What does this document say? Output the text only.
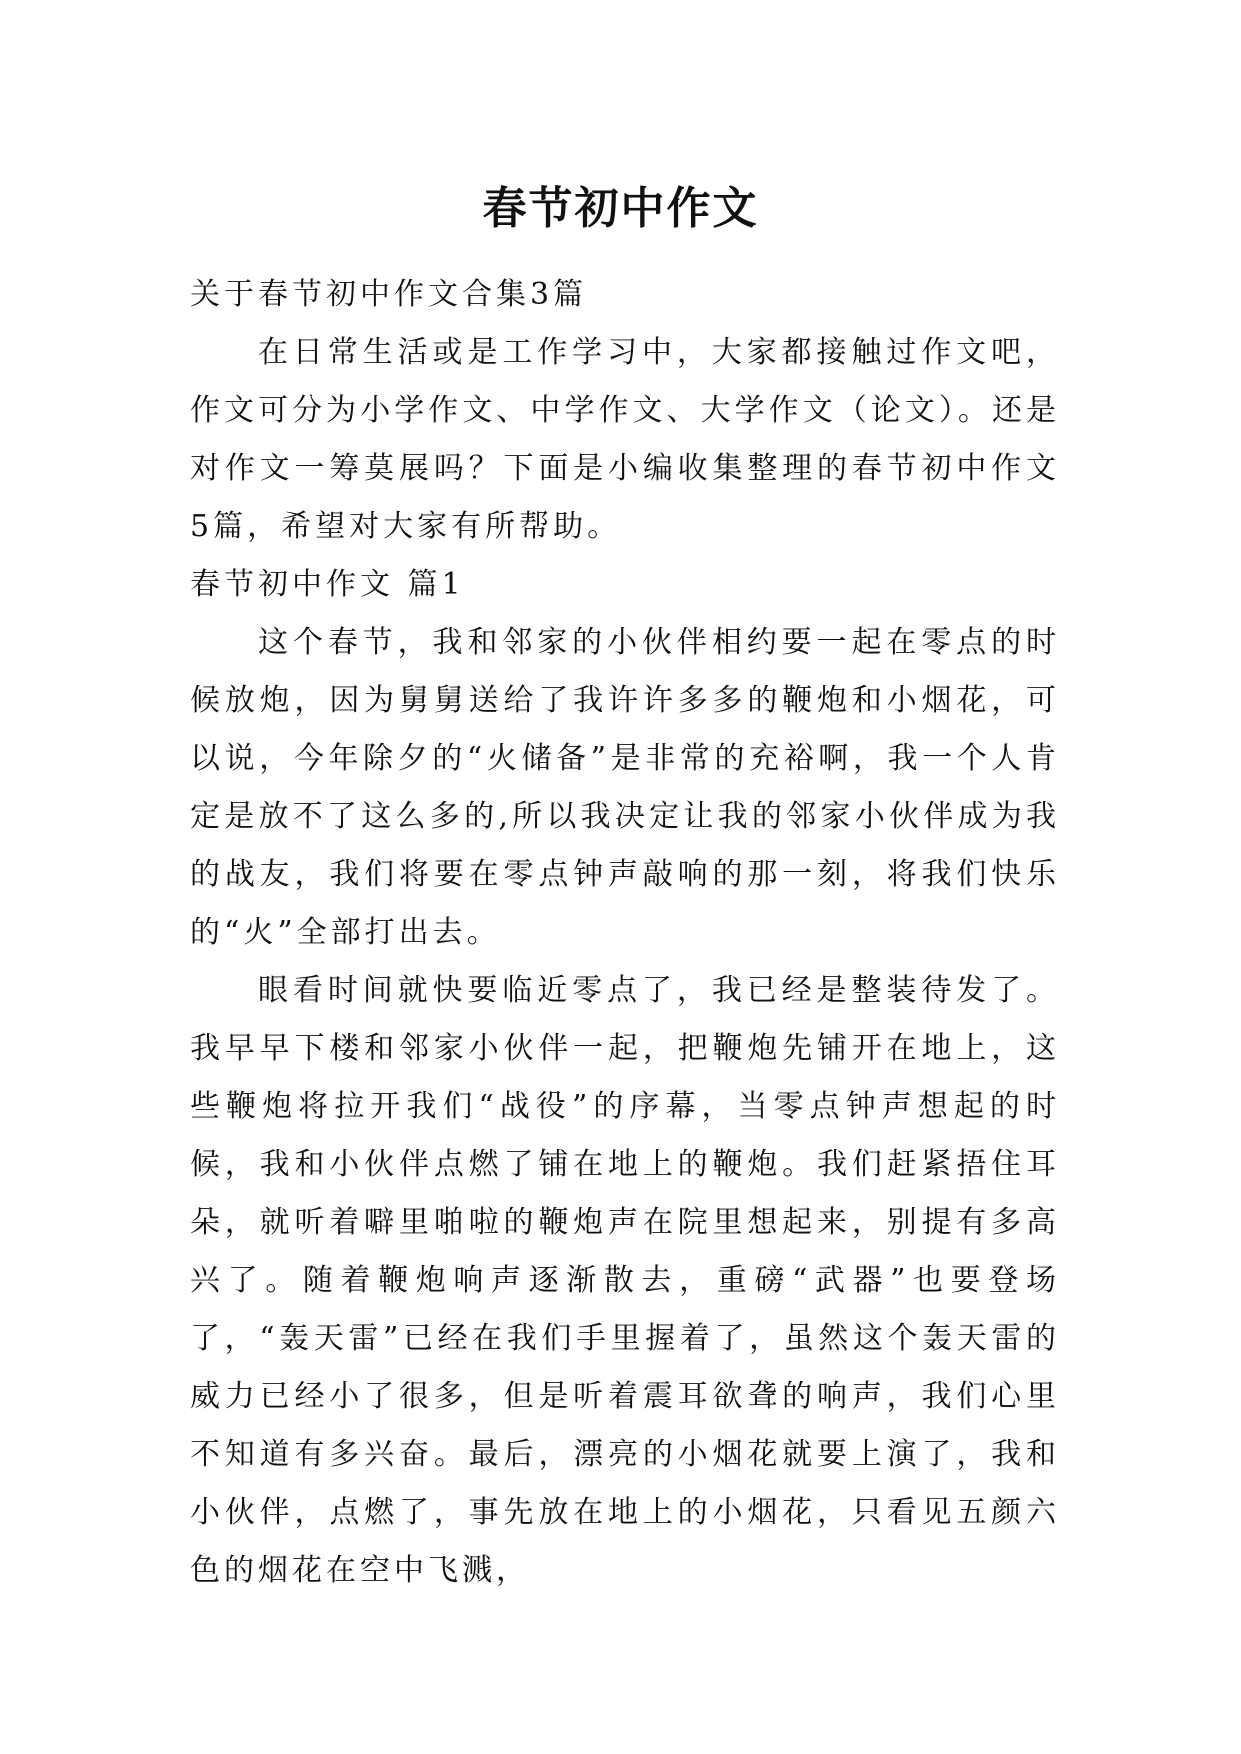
春节初中作文

关于春节初中作文合集3篇

在日常生活或是工作学习中，大家都接触过作文吧，作文可分为小学作文、中学作文、大学作文（论文）。还是对作文一筹莫展吗？下面是小编收集整理的春节初中作文5篇，希望对大家有所帮助。

春节初中作文 篇1

这个春节，我和邻家的小伙伴相约要一起在零点的时候放炮，因为舅舅送给了我许许多多的鞭炮和小烟花，可以说，今年除夕的“火储备”是非常的充裕啊，我一个人肯定是放不了这么多的,所以我决定让我的邻家小伙伴成为我的战友，我们将要在零点钟声敲响的那一刻，将我们快乐的“火”全部打出去。

眼看时间就快要临近零点了，我已经是整装待发了。我早早下楼和邻家小伙伴一起，把鞭炮先铺开在地上，这些鞭炮将拉开我们“战役”的序幕，当零点钟声想起的时候，我和小伙伴点燃了铺在地上的鞭炮。我们赶紧捂住耳朵，就听着噼里啪啦的鞭炮声在院里想起来，别提有多高兴了。随着鞭炮响声逐渐散去，重磅“武器”也要登场了，“轰天雷”已经在我们手里握着了，虽然这个轰天雷的威力已经小了很多，但是听着震耳欲聋的响声，我们心里不知道有多兴奋。最后，漂亮的小烟花就要上演了，我和小伙伴，点燃了，事先放在地上的小烟花，只看见五颜六色的烟花在空中飞溅，
